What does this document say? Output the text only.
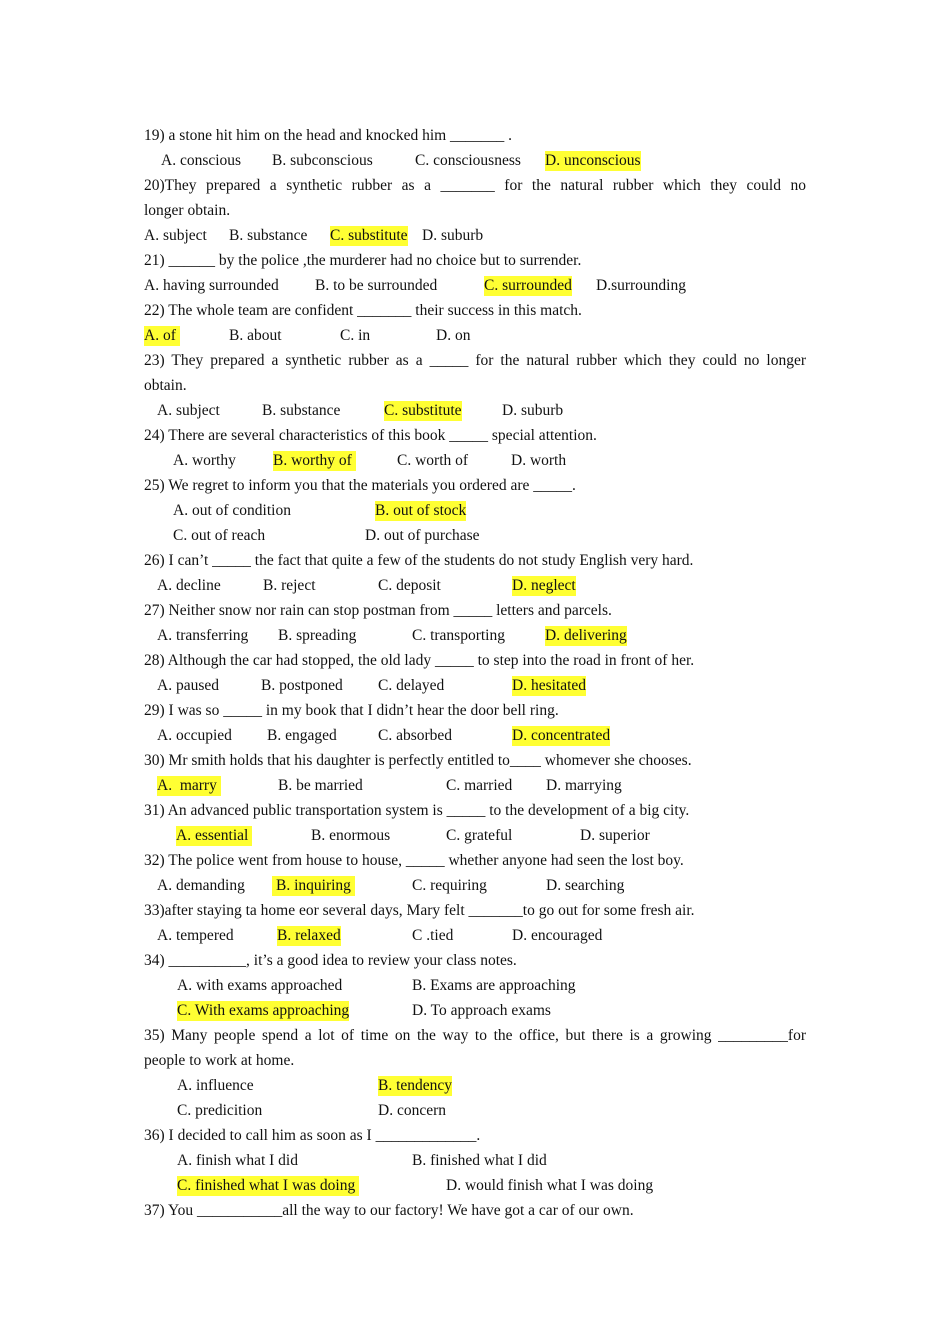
19) a stone hit him on the head and knocked him _______ .
A. conscious B. subconscious	C. consciousness D. unconscious
20)They prepared a synthetic rubber as a _______ for the natural rubber which they could no
longer obtain.
A. subject B. substance C. substitute D. suburb
21) ______ by the police ,the murderer had no choice but to surrender.
A. having surrounded B. to be surrounded	C. surrounded D.surrounding
22) The whole team are confident _______ their success in this match.
A. of	B. about	C. in	D. on
23) They prepared a synthetic rubber as a _____ for the natural rubber which they could no longer
obtain.
A. subject	B. substance	C. substitute	D. suburb
24) There are several characteristics of this book _____ special attention.
A. worthy B. worthy of	C. worth of	D. worth
25) We regret to inform you that the materials you ordered are _____.
A. out of condition	B. out of stock
C. out of reach	D. out of purchase
26) I can’t _____ the fact that quite a few of the students do not study English very hard.
A. decline	B. reject	C. deposit	D. neglect
27) Neither snow nor rain can stop postman from _____ letters and parcels.
A. transferring B. spreading	C. transporting	D. delivering
28) Although the car had stopped, the old lady _____ to step into the road in front of her.
A. paused	B. postponed C. delayed	D. hesitated
29) I was so _____ in my book that I didn’t hear the door bell ring.
A. occupied B. engaged	C. absorbed	D. concentrated
30) Mr smith holds that his daughter is perfectly entitled to____ whomever she chooses.
A.  marry	B. be married	C. married D. marrying
31) An advanced public transportation system is _____ to the development of a big city.
A. essential	B. enormous	C. grateful	D. superior
32) The police went from house to house, _____ whether anyone had seen the lost boy.
A. demanding B. inquiring	C. requiring	D. searching
33)after staying ta home eor several days, Mary felt _______to go out for some fresh air.
A. tempered	B. relaxed	C .tied	D. encouraged
34) __________, it’s a good idea to review your class notes.
A. with exams approached	B. Exams are approaching
C. With exams approaching	D. To approach exams
35) Many people spend a lot of time on the way to the office, but there is a growing _________for
people to work at home.
A. influence	B. tendency
C. predicition	D. concern
36) I decided to call him as soon as I _____________.
A. finish what I did	B. finished what I did
C. finished what I was doing	D. would finish what I was doing
37) You ___________all the way to our factory! We have got a car of our own.
